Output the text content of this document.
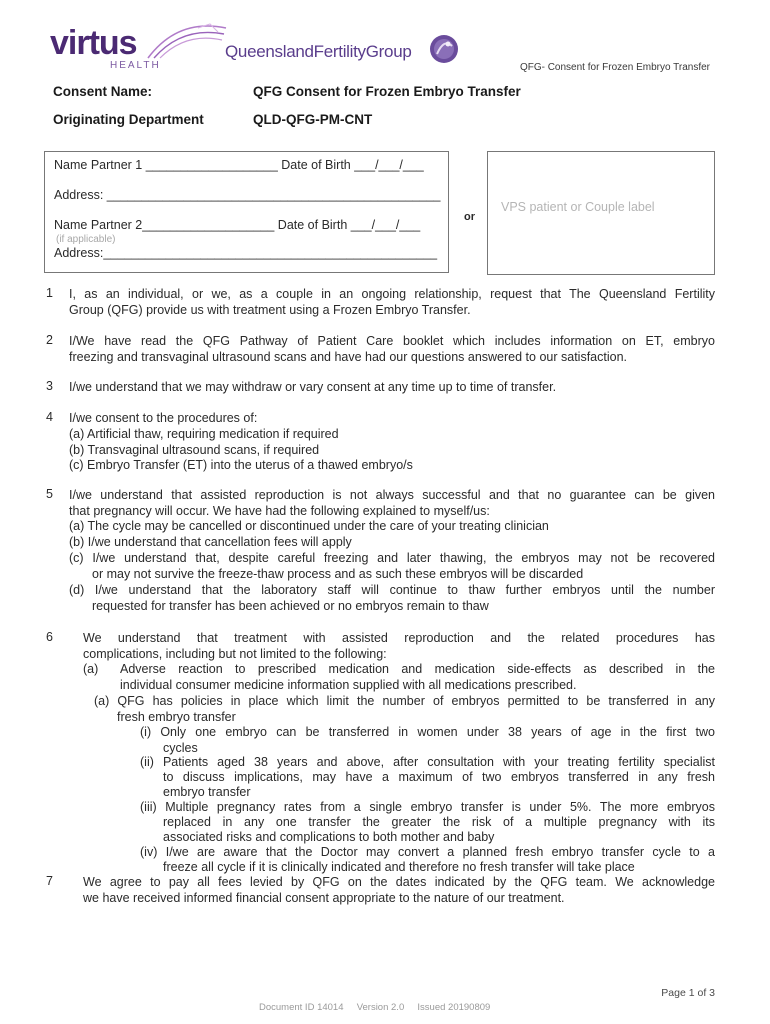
virtus
HEALTH
QueenslandFertilityGroup
QFG- Consent for Frozen Embryo Transfer
Consent Name:	QFG Consent for Frozen Embryo Transfer
Originating Department	QLD-QFG-PM-CNT
Name Partner 1 ___________________ Date of Birth ___/___/___
Address: ________________________________________________
Name Partner 2___________________ Date of Birth ___/___/___
(if applicable)
Address:________________________________________________
or
VPS patient or Couple label
1 I, as an individual, or we, as a couple in an ongoing relationship, request that The Queensland Fertility
Group (QFG) provide us with treatment using a Frozen Embryo Transfer.
2 I/We have read the QFG Pathway of Patient Care booklet which includes information on ET, embryo
freezing and transvaginal ultrasound scans and have had our questions answered to our satisfaction.
3 I/we understand that we may withdraw or vary consent at any time up to time of transfer.
4 I/we consent to the procedures of:
(a) Artificial thaw, requiring medication if required
(b) Transvaginal ultrasound scans, if required
(c) Embryo Transfer (ET) into the uterus of a thawed embryo/s
5 I/we understand that assisted reproduction is not always successful and that no guarantee can be given
that pregnancy will occur. We have had the following explained to myself/us:
(a) The cycle may be cancelled or discontinued under the care of your treating clinician
(b) I/we understand that cancellation fees will apply
(c) I/we understand that, despite careful freezing and later thawing, the embryos may not be recovered
or may not survive the freeze-thaw process and as such these embryos will be discarded
(d) I/we understand that the laboratory staff will continue to thaw further embryos until the number
requested for transfer has been achieved or no embryos remain to thaw
6 We understand that treatment with assisted reproduction and the related procedures has
complications, including but not limited to the following:
(a) Adverse reaction to prescribed medication and medication side-effects as described in the
individual consumer medicine information supplied with all medications prescribed.
(a) QFG has policies in place which limit the number of embryos permitted to be transferred in any
fresh embryo transfer
(i) Only one embryo can be transferred in women under 38 years of age in the first two
cycles
(ii) Patients aged 38 years and above, after consultation with your treating fertility specialist
to discuss implications, may have a maximum of two embryos transferred in any fresh
embryo transfer
(iii) Multiple pregnancy rates from a single embryo transfer is under 5%. The more embryos
replaced in any one transfer the greater the risk of a multiple pregnancy with its
associated risks and complications to both mother and baby
(iv) I/we are aware that the Doctor may convert a planned fresh embryo transfer cycle to a
freeze all cycle if it is clinically indicated and therefore no fresh transfer will take place
7 We agree to pay all fees levied by QFG on the dates indicated by the QFG team. We acknowledge
we have received informed financial consent appropriate to the nature of our treatment.
Page 1 of 3
Document ID 14014     Version 2.0     Issued 20190809
